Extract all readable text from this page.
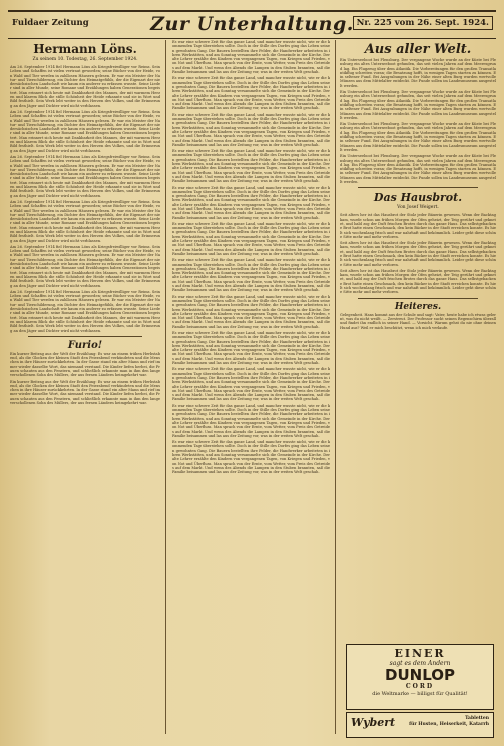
Fuldaer Zeitung	Zur Unterhaltung. Nr. 225 vom 26. Sept. 1924.
Hermann Löns.
Zu seinem 10. Todestag, 26. September 1924.

Am 26. September 1914 fiel Hermann Löns als Kriegsfreiwilliger vor Reims. Sein Leben und Schaffen ist vielen vertraut geworden; seine Bücher von der Heide, von Wald und Tier werden in zahllosen Häusern gelesen. Er war ein Meister der Natur- und Tierschilderung, ein Dichter des Heimatgefühls, der die Eigenart der niedersächsischen Landschaft wie kaum ein anderer zu erfassen wusste. Seine Lieder sind in aller Munde, seine Romane und Erzählungen haben Generationen begeistert. Man erinnert sich heute mit Dankbarkeit des Mannes, der mit warmem Herzen und klarem Blick die stille Schönheit der Heide erkannte und sie in Wort und Bild festhielt. Sein Werk lebt weiter in den Herzen des Volkes, und die Erinnerung an den Jäger und Dichter wird nicht verblassen.

Am 26. September 1914 fiel Hermann Löns als Kriegsfreiwilliger vor Reims. Sein Leben und Schaffen ist vielen vertraut geworden; seine Bücher von der Heide, von Wald und Tier werden in zahllosen Häusern gelesen. Er war ein Meister der Natur- und Tierschilderung, ein Dichter des Heimatgefühls, der die Eigenart der niedersächsischen Landschaft wie kaum ein anderer zu erfassen wusste. Seine Lieder sind in aller Munde, seine Romane und Erzählungen haben Generationen begeistert. Man erinnert sich heute mit Dankbarkeit des Mannes, der mit warmem Herzen und klarem Blick die stille Schönheit der Heide erkannte und sie in Wort und Bild festhielt. Sein Werk lebt weiter in den Herzen des Volkes, und die Erinnerung an den Jäger und Dichter wird nicht verblassen.

Am 26. September 1914 fiel Hermann Löns als Kriegsfreiwilliger vor Reims. Sein Leben und Schaffen ist vielen vertraut geworden; seine Bücher von der Heide, von Wald und Tier werden in zahllosen Häusern gelesen. Er war ein Meister der Natur- und Tierschilderung, ein Dichter des Heimatgefühls, der die Eigenart der niedersächsischen Landschaft wie kaum ein anderer zu erfassen wusste. Seine Lieder sind in aller Munde, seine Romane und Erzählungen haben Generationen begeistert. Man erinnert sich heute mit Dankbarkeit des Mannes, der mit warmem Herzen und klarem Blick die stille Schönheit der Heide erkannte und sie in Wort und Bild festhielt. Sein Werk lebt weiter in den Herzen des Volkes, und die Erinnerung an den Jäger und Dichter wird nicht verblassen.

Am 26. September 1914 fiel Hermann Löns als Kriegsfreiwilliger vor Reims. Sein Leben und Schaffen ist vielen vertraut geworden; seine Bücher von der Heide, von Wald und Tier werden in zahllosen Häusern gelesen. Er war ein Meister der Natur- und Tierschilderung, ein Dichter des Heimatgefühls, der die Eigenart der niedersächsischen Landschaft wie kaum ein anderer zu erfassen wusste. Seine Lieder sind in aller Munde, seine Romane und Erzählungen haben Generationen begeistert. Man erinnert sich heute mit Dankbarkeit des Mannes, der mit warmem Herzen und klarem Blick die stille Schönheit der Heide erkannte und sie in Wort und Bild festhielt. Sein Werk lebt weiter in den Herzen des Volkes, und die Erinnerung an den Jäger und Dichter wird nicht verblassen.

Am 26. September 1914 fiel Hermann Löns als Kriegsfreiwilliger vor Reims. Sein Leben und Schaffen ist vielen vertraut geworden; seine Bücher von der Heide, von Wald und Tier werden in zahllosen Häusern gelesen. Er war ein Meister der Natur- und Tierschilderung, ein Dichter des Heimatgefühls, der die Eigenart der niedersächsischen Landschaft wie kaum ein anderer zu erfassen wusste. Seine Lieder sind in aller Munde, seine Romane und Erzählungen haben Generationen begeistert. Man erinnert sich heute mit Dankbarkeit des Mannes, der mit warmem Herzen und klarem Blick die stille Schönheit der Heide erkannte und sie in Wort und Bild festhielt. Sein Werk lebt weiter in den Herzen des Volkes, und die Erinnerung an den Jäger und Dichter wird nicht verblassen.

Am 26. September 1914 fiel Hermann Löns als Kriegsfreiwilliger vor Reims. Sein Leben und Schaffen ist vielen vertraut geworden; seine Bücher von der Heide, von Wald und Tier werden in zahllosen Häusern gelesen. Er war ein Meister der Natur- und Tierschilderung, ein Dichter des Heimatgefühls, der die Eigenart der niedersächsischen Landschaft wie kaum ein anderer zu erfassen wusste. Seine Lieder sind in aller Munde, seine Romane und Erzählungen haben Generationen begeistert. Man erinnert sich heute mit Dankbarkeit des Mannes, der mit warmem Herzen und klarem Blick die stille Schönheit der Heide erkannte und sie in Wort und Bild festhielt. Sein Werk lebt weiter in den Herzen des Volkes, und die Erinnerung an den Jäger und Dichter wird nicht verblassen.

Furio!

Ein kurzer Beitrag aus der Welt der Erzählung: Es war an einem trüben Herbstabend, als die Glocken der kleinen Stadt den Feierabend verkündeten und die Menschen in ihre Häuser zurückkehrten. In der Gasse stand ein alter Mann und rief immer wieder dasselbe Wort, das niemand verstand. Die Kinder liefen herbei, die Frauen schauten aus den Fenstern, und schließlich erkannte man in ihm den lange verschollenen Sohn des Müllers, der aus fernen Ländern heimgekehrt war.

Ein kurzer Beitrag aus der Welt der Erzählung: Es war an einem trüben Herbstabend, als die Glocken der kleinen Stadt den Feierabend verkündeten und die Menschen in ihre Häuser zurückkehrten. In der Gasse stand ein alter Mann und rief immer wieder dasselbe Wort, das niemand verstand. Die Kinder liefen herbei, die Frauen schauten aus den Fenstern, und schließlich erkannte man in ihm den lange verschollenen Sohn des Müllers, der aus fernen Ländern heimgekehrt war.

Es war eine schwere Zeit für das ganze Land, und mancher wusste nicht, wie er die kommenden Tage überstehen sollte. Doch in der Stille des Dorfes ging das Leben seinen gewohnten Gang. Die Bauern bestellten ihre Felder, die Handwerker arbeiteten in ihren Werkstätten, und am Sonntag versammelte sich die Gemeinde in der Kirche. Der alte Lehrer erzählte den Kindern von vergangenen Tagen, von Kriegen und Frieden, von Not und Überfluss. Man sprach von der Ernte, vom Wetter, vom Preis des Getreides auf dem Markt. Und wenn des Abends die Lampen in den Stuben brannten, saß die Familie beisammen und las aus der Zeitung vor, was in der weiten Welt geschah.

Es war eine schwere Zeit für das ganze Land, und mancher wusste nicht, wie er die kommenden Tage überstehen sollte. Doch in der Stille des Dorfes ging das Leben seinen gewohnten Gang. Die Bauern bestellten ihre Felder, die Handwerker arbeiteten in ihren Werkstätten, und am Sonntag versammelte sich die Gemeinde in der Kirche. Der alte Lehrer erzählte den Kindern von vergangenen Tagen, von Kriegen und Frieden, von Not und Überfluss. Man sprach von der Ernte, vom Wetter, vom Preis des Getreides auf dem Markt. Und wenn des Abends die Lampen in den Stuben brannten, saß die Familie beisammen und las aus der Zeitung vor, was in der weiten Welt geschah.

Es war eine schwere Zeit für das ganze Land, und mancher wusste nicht, wie er die kommenden Tage überstehen sollte. Doch in der Stille des Dorfes ging das Leben seinen gewohnten Gang. Die Bauern bestellten ihre Felder, die Handwerker arbeiteten in ihren Werkstätten, und am Sonntag versammelte sich die Gemeinde in der Kirche. Der alte Lehrer erzählte den Kindern von vergangenen Tagen, von Kriegen und Frieden, von Not und Überfluss. Man sprach von der Ernte, vom Wetter, vom Preis des Getreides auf dem Markt. Und wenn des Abends die Lampen in den Stuben brannten, saß die Familie beisammen und las aus der Zeitung vor, was in der weiten Welt geschah.

Es war eine schwere Zeit für das ganze Land, und mancher wusste nicht, wie er die kommenden Tage überstehen sollte. Doch in der Stille des Dorfes ging das Leben seinen gewohnten Gang. Die Bauern bestellten ihre Felder, die Handwerker arbeiteten in ihren Werkstätten, und am Sonntag versammelte sich die Gemeinde in der Kirche. Der alte Lehrer erzählte den Kindern von vergangenen Tagen, von Kriegen und Frieden, von Not und Überfluss. Man sprach von der Ernte, vom Wetter, vom Preis des Getreides auf dem Markt. Und wenn des Abends die Lampen in den Stuben brannten, saß die Familie beisammen und las aus der Zeitung vor, was in der weiten Welt geschah.

Es war eine schwere Zeit für das ganze Land, und mancher wusste nicht, wie er die kommenden Tage überstehen sollte. Doch in der Stille des Dorfes ging das Leben seinen gewohnten Gang. Die Bauern bestellten ihre Felder, die Handwerker arbeiteten in ihren Werkstätten, und am Sonntag versammelte sich die Gemeinde in der Kirche. Der alte Lehrer erzählte den Kindern von vergangenen Tagen, von Kriegen und Frieden, von Not und Überfluss. Man sprach von der Ernte, vom Wetter, vom Preis des Getreides auf dem Markt. Und wenn des Abends die Lampen in den Stuben brannten, saß die Familie beisammen und las aus der Zeitung vor, was in der weiten Welt geschah.

Es war eine schwere Zeit für das ganze Land, und mancher wusste nicht, wie er die kommenden Tage überstehen sollte. Doch in der Stille des Dorfes ging das Leben seinen gewohnten Gang. Die Bauern bestellten ihre Felder, die Handwerker arbeiteten in ihren Werkstätten, und am Sonntag versammelte sich die Gemeinde in der Kirche. Der alte Lehrer erzählte den Kindern von vergangenen Tagen, von Kriegen und Frieden, von Not und Überfluss. Man sprach von der Ernte, vom Wetter, vom Preis des Getreides auf dem Markt. Und wenn des Abends die Lampen in den Stuben brannten, saß die Familie beisammen und las aus der Zeitung vor, was in der weiten Welt geschah.

Es war eine schwere Zeit für das ganze Land, und mancher wusste nicht, wie er die kommenden Tage überstehen sollte. Doch in der Stille des Dorfes ging das Leben seinen gewohnten Gang. Die Bauern bestellten ihre Felder, die Handwerker arbeiteten in ihren Werkstätten, und am Sonntag versammelte sich die Gemeinde in der Kirche. Der alte Lehrer erzählte den Kindern von vergangenen Tagen, von Kriegen und Frieden, von Not und Überfluss. Man sprach von der Ernte, vom Wetter, vom Preis des Getreides auf dem Markt. Und wenn des Abends die Lampen in den Stuben brannten, saß die Familie beisammen und las aus der Zeitung vor, was in der weiten Welt geschah.

Es war eine schwere Zeit für das ganze Land, und mancher wusste nicht, wie er die kommenden Tage überstehen sollte. Doch in der Stille des Dorfes ging das Leben seinen gewohnten Gang. Die Bauern bestellten ihre Felder, die Handwerker arbeiteten in ihren Werkstätten, und am Sonntag versammelte sich die Gemeinde in der Kirche. Der alte Lehrer erzählte den Kindern von vergangenen Tagen, von Kriegen und Frieden, von Not und Überfluss. Man sprach von der Ernte, vom Wetter, vom Preis des Getreides auf dem Markt. Und wenn des Abends die Lampen in den Stuben brannten, saß die Familie beisammen und las aus der Zeitung vor, was in der weiten Welt geschah.

Es war eine schwere Zeit für das ganze Land, und mancher wusste nicht, wie er die kommenden Tage überstehen sollte. Doch in der Stille des Dorfes ging das Leben seinen gewohnten Gang. Die Bauern bestellten ihre Felder, die Handwerker arbeiteten in ihren Werkstätten, und am Sonntag versammelte sich die Gemeinde in der Kirche. Der alte Lehrer erzählte den Kindern von vergangenen Tagen, von Kriegen und Frieden, von Not und Überfluss. Man sprach von der Ernte, vom Wetter, vom Preis des Getreides auf dem Markt. Und wenn des Abends die Lampen in den Stuben brannten, saß die Familie beisammen und las aus der Zeitung vor, was in der weiten Welt geschah.

Es war eine schwere Zeit für das ganze Land, und mancher wusste nicht, wie er die kommenden Tage überstehen sollte. Doch in der Stille des Dorfes ging das Leben seinen gewohnten Gang. Die Bauern bestellten ihre Felder, die Handwerker arbeiteten in ihren Werkstätten, und am Sonntag versammelte sich die Gemeinde in der Kirche. Der alte Lehrer erzählte den Kindern von vergangenen Tagen, von Kriegen und Frieden, von Not und Überfluss. Man sprach von der Ernte, vom Wetter, vom Preis des Getreides auf dem Markt. Und wenn des Abends die Lampen in den Stuben brannten, saß die Familie beisammen und las aus der Zeitung vor, was in der weiten Welt geschah.

Es war eine schwere Zeit für das ganze Land, und mancher wusste nicht, wie er die kommenden Tage überstehen sollte. Doch in der Stille des Dorfes ging das Leben seinen gewohnten Gang. Die Bauern bestellten ihre Felder, die Handwerker arbeiteten in ihren Werkstätten, und am Sonntag versammelte sich die Gemeinde in der Kirche. Der alte Lehrer erzählte den Kindern von vergangenen Tagen, von Kriegen und Frieden, von Not und Überfluss. Man sprach von der Ernte, vom Wetter, vom Preis des Getreides auf dem Markt. Und wenn des Abends die Lampen in den Stuben brannten, saß die Familie beisammen und las aus der Zeitung vor, was in der weiten Welt geschah.

Es war eine schwere Zeit für das ganze Land, und mancher wusste nicht, wie er die kommenden Tage überstehen sollte. Doch in der Stille des Dorfes ging das Leben seinen gewohnten Gang. Die Bauern bestellten ihre Felder, die Handwerker arbeiteten in ihren Werkstätten, und am Sonntag versammelte sich die Gemeinde in der Kirche. Der alte Lehrer erzählte den Kindern von vergangenen Tagen, von Kriegen und Frieden, von Not und Überfluss. Man sprach von der Ernte, vom Wetter, vom Preis des Getreides auf dem Markt. Und wenn des Abends die Lampen in den Stuben brannten, saß die Familie beisammen und las aus der Zeitung vor, was in der weiten Welt geschah.

Aus aller Welt.

Ein Unterseeboot bei Flensburg. Der vergangene Woche wurde an der Küste bei Flensburg ein altes Unterseeboot gefunden, das seit vielen Jahren auf dem Meeresgrund lag. Ein Flugzeug über dem Atlantik. Die Vorbereitungen für den großen Transatlantikflug schreiten voran; die Besatzung hofft, in wenigen Tagen starten zu können. Ein seltener Fund. Bei Ausgrabungen in der Nähe einer alten Burg wurden wertvolle Münzen aus dem Mittelalter entdeckt. Die Funde sollen im Landesmuseum ausgestellt werden.

Ein Unterseeboot bei Flensburg. Der vergangene Woche wurde an der Küste bei Flensburg ein altes Unterseeboot gefunden, das seit vielen Jahren auf dem Meeresgrund lag. Ein Flugzeug über dem Atlantik. Die Vorbereitungen für den großen Transatlantikflug schreiten voran; die Besatzung hofft, in wenigen Tagen starten zu können. Ein seltener Fund. Bei Ausgrabungen in der Nähe einer alten Burg wurden wertvolle Münzen aus dem Mittelalter entdeckt. Die Funde sollen im Landesmuseum ausgestellt werden.

Ein Unterseeboot bei Flensburg. Der vergangene Woche wurde an der Küste bei Flensburg ein altes Unterseeboot gefunden, das seit vielen Jahren auf dem Meeresgrund lag. Ein Flugzeug über dem Atlantik. Die Vorbereitungen für den großen Transatlantikflug schreiten voran; die Besatzung hofft, in wenigen Tagen starten zu können. Ein seltener Fund. Bei Ausgrabungen in der Nähe einer alten Burg wurden wertvolle Münzen aus dem Mittelalter entdeckt. Die Funde sollen im Landesmuseum ausgestellt werden.

Ein Unterseeboot bei Flensburg. Der vergangene Woche wurde an der Küste bei Flensburg ein altes Unterseeboot gefunden, das seit vielen Jahren auf dem Meeresgrund lag. Ein Flugzeug über dem Atlantik. Die Vorbereitungen für den großen Transatlantikflug schreiten voran; die Besatzung hofft, in wenigen Tagen starten zu können. Ein seltener Fund. Bei Ausgrabungen in der Nähe einer alten Burg wurden wertvolle Münzen aus dem Mittelalter entdeckt. Die Funde sollen im Landesmuseum ausgestellt werden.

Das Hausbrot.
Von Josef Weigert.

Seit alters her ist das Hausbrot der Stolz jeder Bäuerin gewesen. Wenn der Backtag kam, wurde schon am frühen Morgen der Ofen geheizt, der Teig gerührt und geknetet, und bald zog der Duft frischen Brotes durch das ganze Haus. Das selbstgebackene Brot hatte einen Geschmack, den kein Bäcker in der Stadt erreichen konnte. Es hielt sich wochenlang frisch und war nahrhaft und bekömmlich. Leider geht diese schöne Sitte mehr und mehr verloren.

Seit alters her ist das Hausbrot der Stolz jeder Bäuerin gewesen. Wenn der Backtag kam, wurde schon am frühen Morgen der Ofen geheizt, der Teig gerührt und geknetet, und bald zog der Duft frischen Brotes durch das ganze Haus. Das selbstgebackene Brot hatte einen Geschmack, den kein Bäcker in der Stadt erreichen konnte. Es hielt sich wochenlang frisch und war nahrhaft und bekömmlich. Leider geht diese schöne Sitte mehr und mehr verloren.

Seit alters her ist das Hausbrot der Stolz jeder Bäuerin gewesen. Wenn der Backtag kam, wurde schon am frühen Morgen der Ofen geheizt, der Teig gerührt und geknetet, und bald zog der Duft frischen Brotes durch das ganze Haus. Das selbstgebackene Brot hatte einen Geschmack, den kein Bäcker in der Stadt erreichen konnte. Es hielt sich wochenlang frisch und war nahrhaft und bekömmlich. Leider geht diese schöne Sitte mehr und mehr verloren.

Heiteres.

Gelegenheit. Hans kommt aus der Schule und sagt: Vater, heute habe ich etwas gelernt, was du nicht weißt. — Zerstreut. Der Professor sucht seinen Regenschirm überall und findet ihn endlich in seiner Hand. — Vorsicht. Warum gehst du nie ohne deinen Hund aus? Weil er mich beschützt, wenn ich mich verlaufe.

EINER
sagt es dem Andern
DUNLOP
CORD
die Weltmarke — billigst für Qualität!
Wybert	Tabletten
für Husten, Heiserkeit, Katarrh
